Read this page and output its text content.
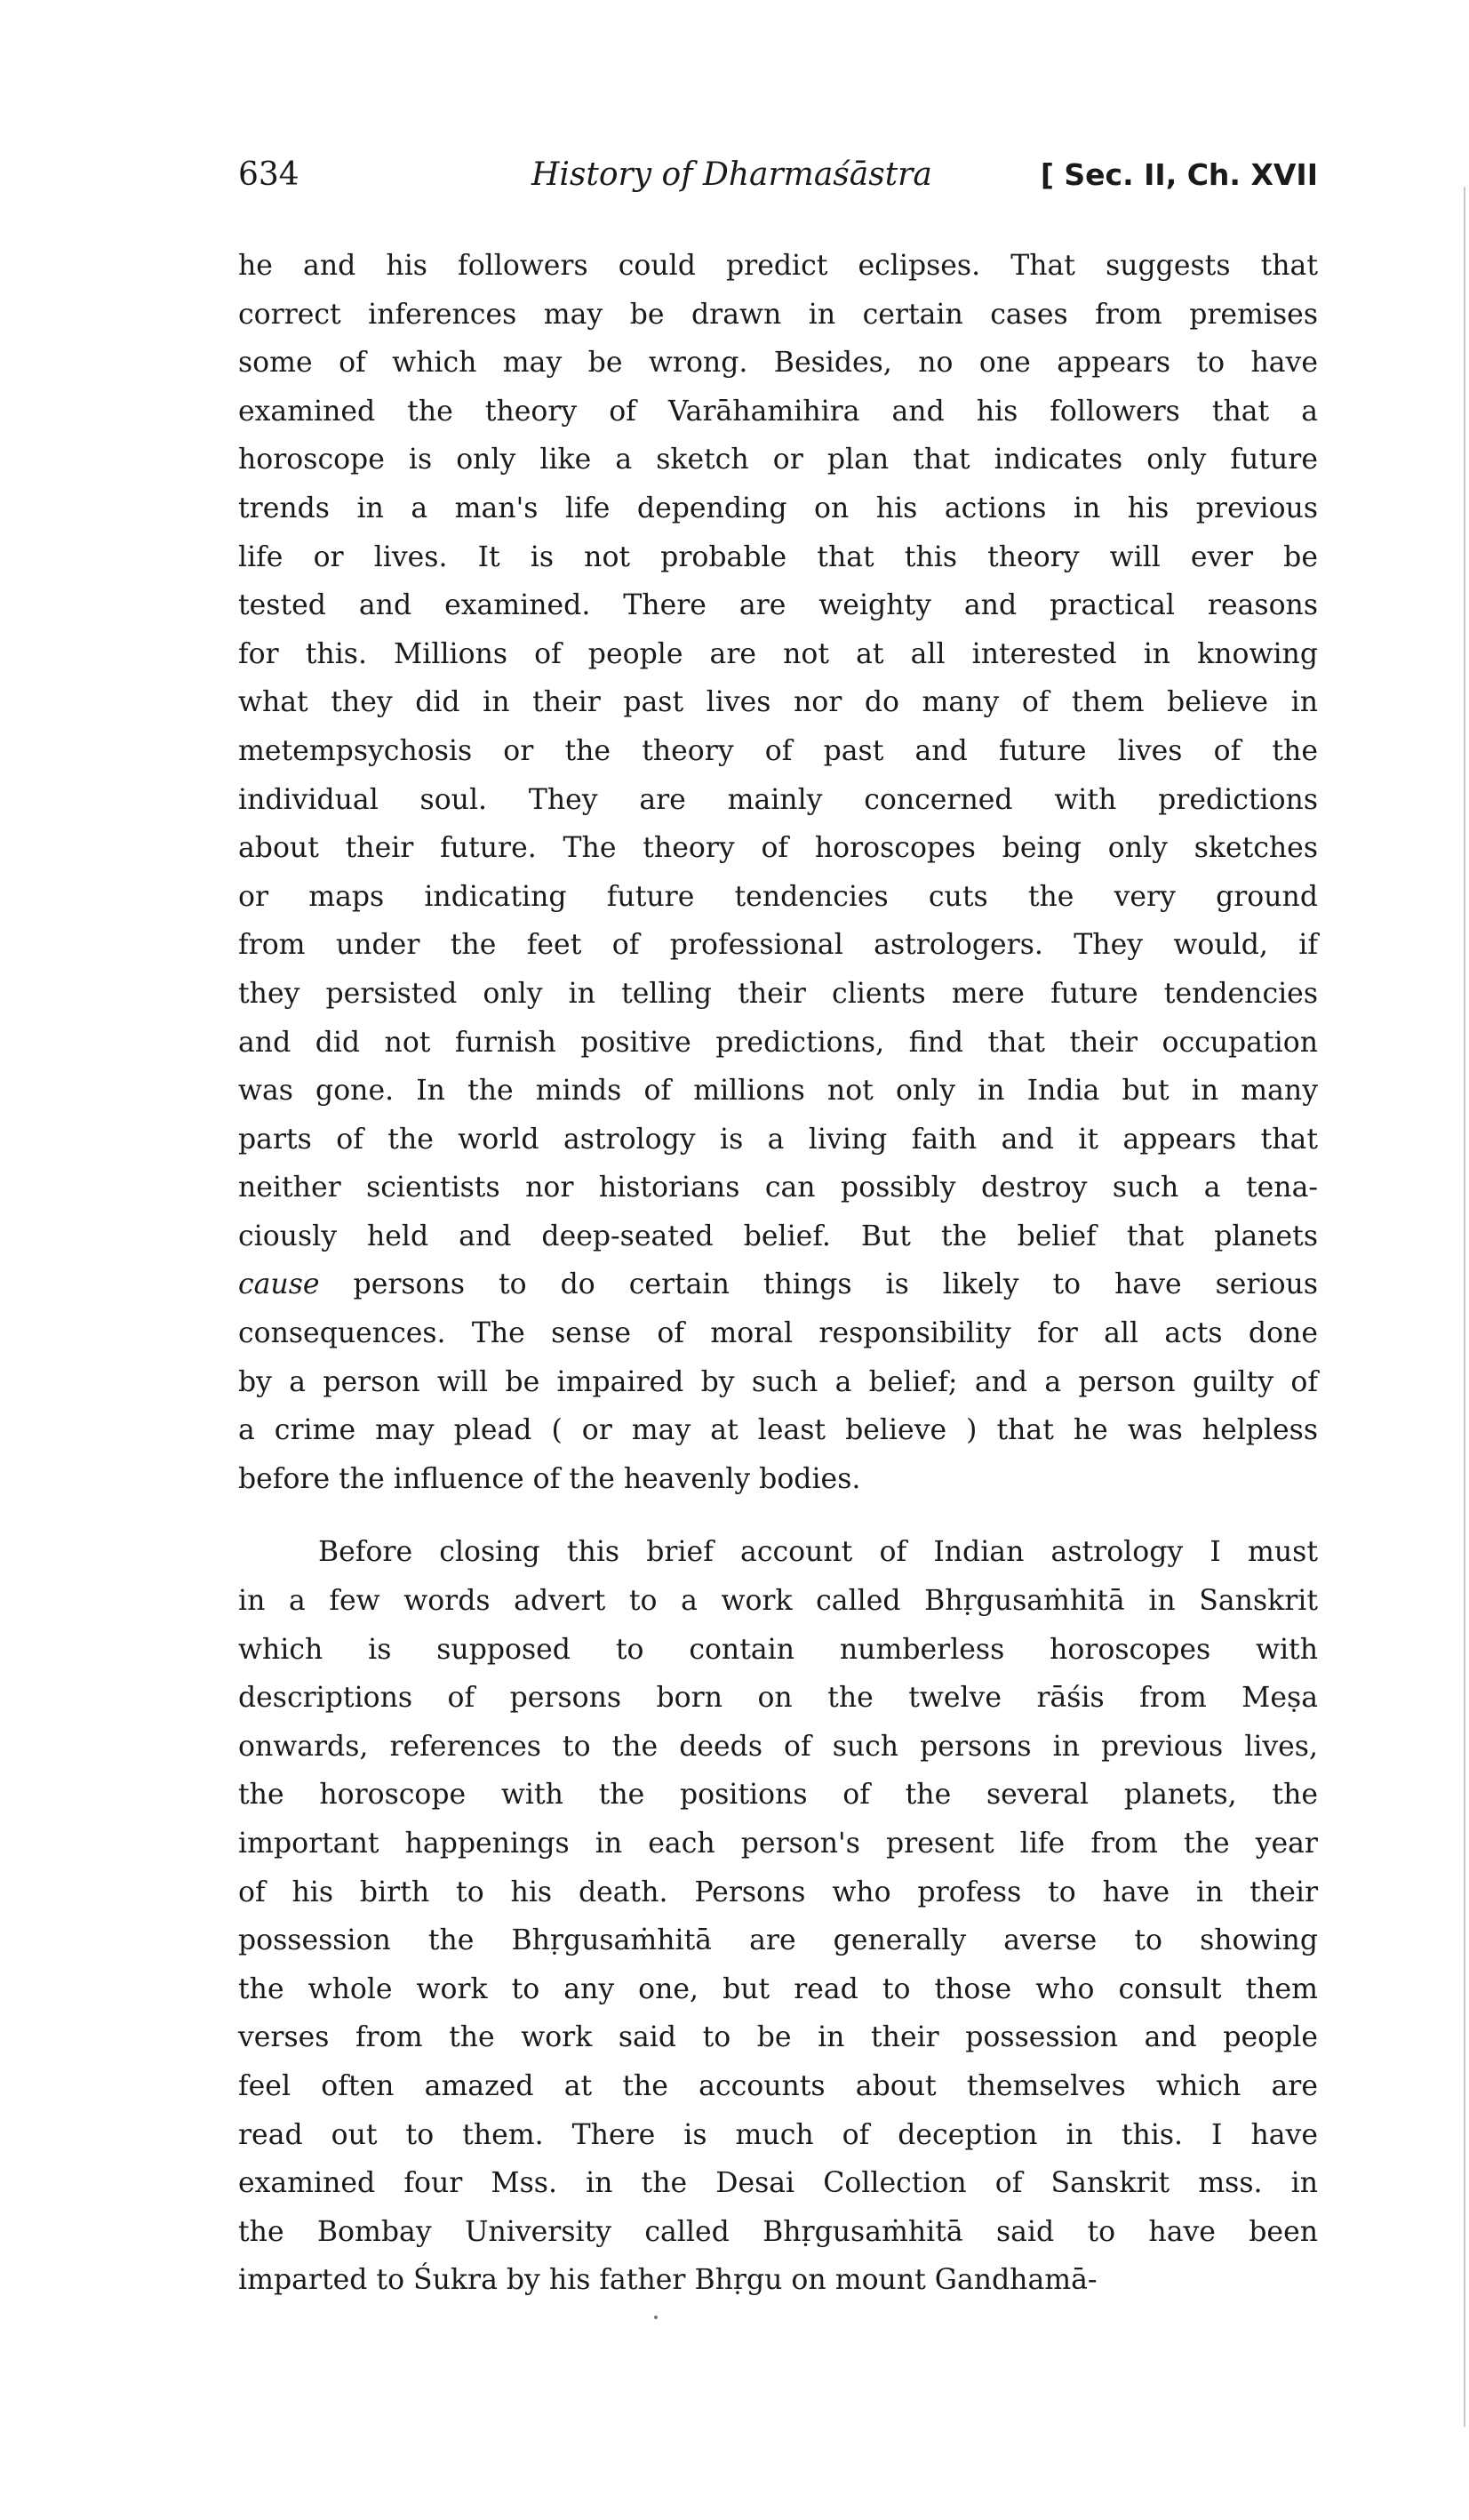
634	History of Dharmaśāstra	[ Sec. II, Ch. XVII
he and his followers could predict eclipses. That suggests that
correct inferences may be drawn in certain cases from premises
some of which may be wrong. Besides, no one appears to have
examined the theory of Varāhamihira and his followers that a
horoscope is only like a sketch or plan that indicates only future
trends in a man's life depending on his actions in his previous
life or lives. It is not probable that this theory will ever be
tested and examined. There are weighty and practical reasons
for this. Millions of people are not at all interested in knowing
what they did in their past lives nor do many of them believe in
metempsychosis or the theory of past and future lives of the
individual soul. They are mainly concerned with predictions
about their future. The theory of horoscopes being only sketches
or maps indicating future tendencies cuts the very ground
from under the feet of professional astrologers. They would, if
they persisted only in telling their clients mere future tendencies
and did not furnish positive predictions, find that their occupation
was gone. In the minds of millions not only in India but in many
parts of the world astrology is a living faith and it appears that
neither scientists nor historians can possibly destroy such a tena-
ciously held and deep-seated belief. But the belief that planets
cause persons to do certain things is likely to have serious
consequences. The sense of moral responsibility for all acts done
by a person will be impaired by such a belief; and a person guilty of
a crime may plead ( or may at least believe ) that he was helpless
before the influence of the heavenly bodies.
Before closing this brief account of Indian astrology I must
in a few words advert to a work called Bhṛgusaṁhitā in Sanskrit
which is supposed to contain numberless horoscopes with
descriptions of persons born on the twelve rāśis from Meṣa
onwards, references to the deeds of such persons in previous lives,
the horoscope with the positions of the several planets, the
important happenings in each person's present life from the year
of his birth to his death. Persons who profess to have in their
possession the Bhṛgusaṁhitā are generally averse to showing
the whole work to any one, but read to those who consult them
verses from the work said to be in their possession and people
feel often amazed at the accounts about themselves which are
read out to them. There is much of deception in this. I have
examined four Mss. in the Desai Collection of Sanskrit mss. in
the Bombay University called Bhṛgusaṁhitā said to have been
imparted to Śukra by his father Bhṛgu on mount Gandhamā-
